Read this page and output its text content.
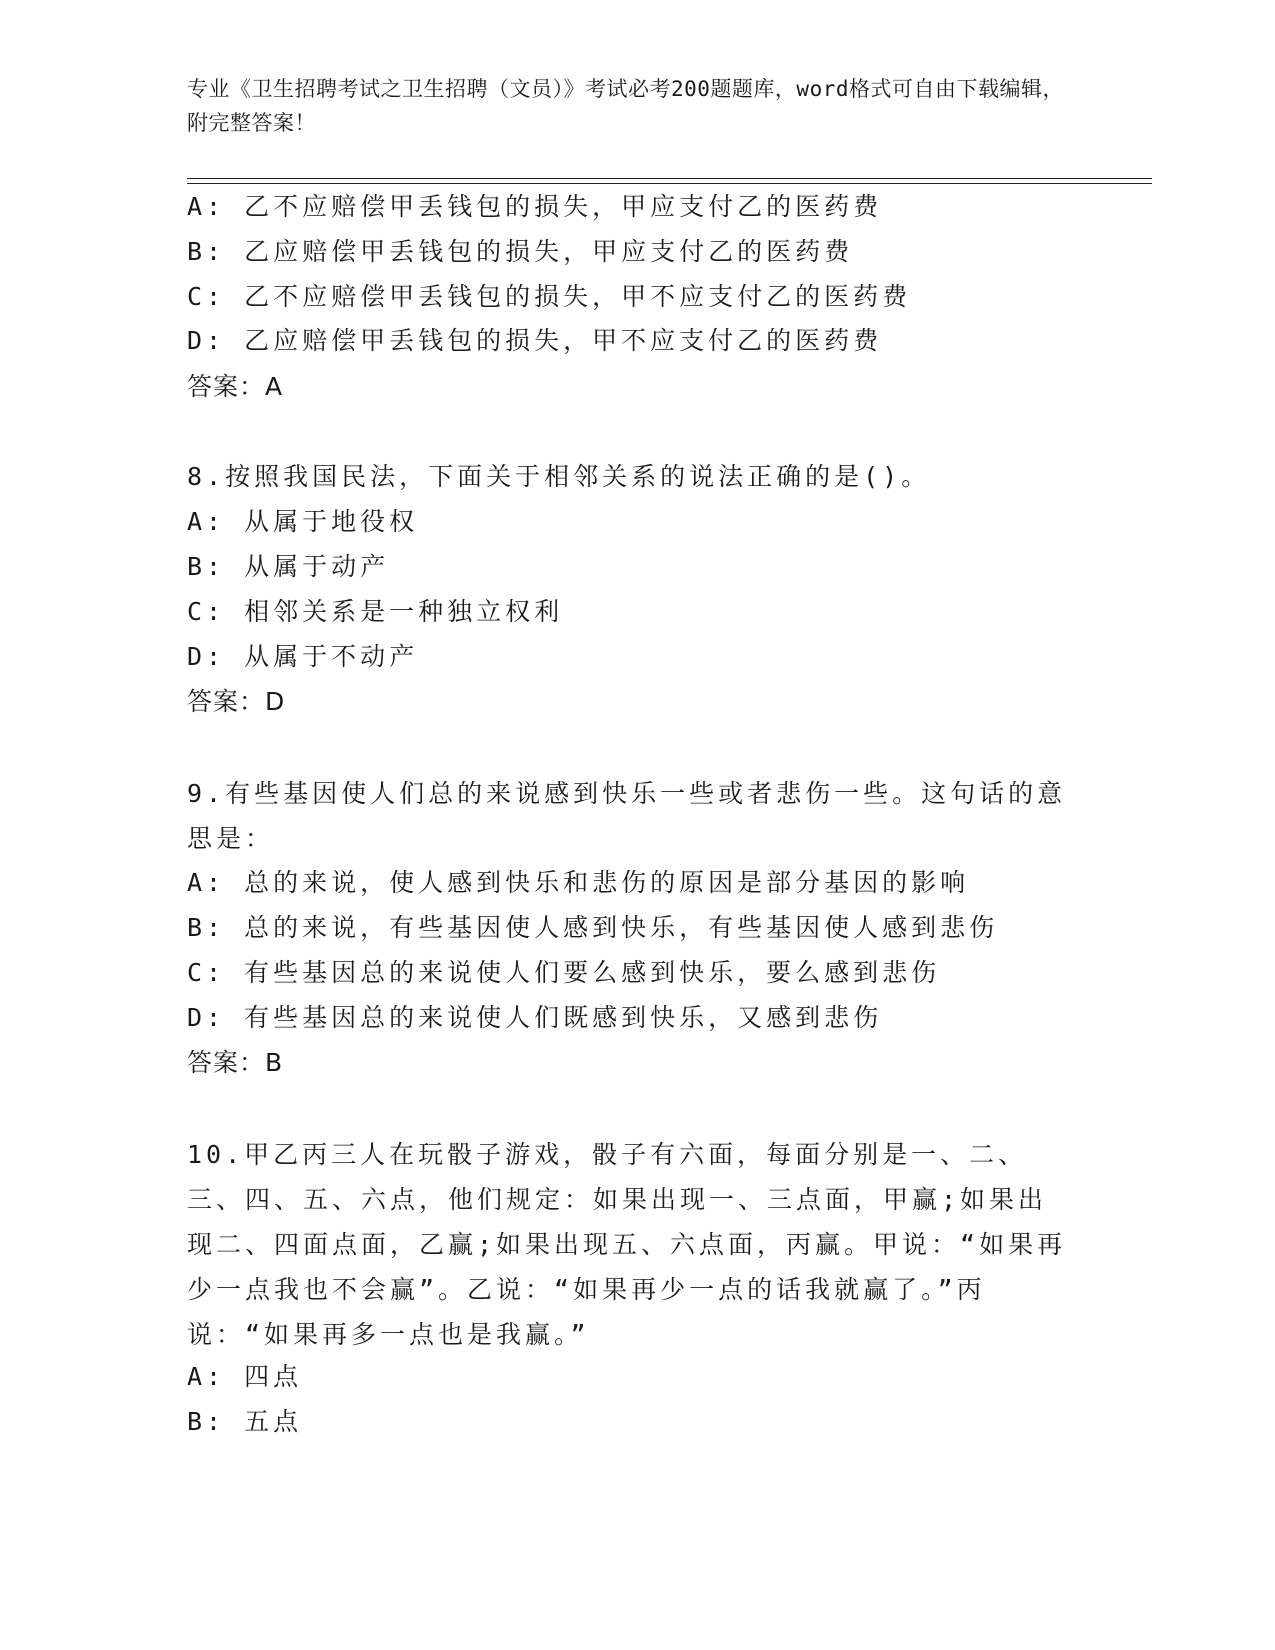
专业《卫生招聘考试之卫生招聘（文员）》考试必考200题题库，word格式可自由下载编辑，附完整答案！
A: 乙不应赔偿甲丢钱包的损失，甲应支付乙的医药费
B: 乙应赔偿甲丢钱包的损失，甲应支付乙的医药费
C: 乙不应赔偿甲丢钱包的损失，甲不应支付乙的医药费
D: 乙应赔偿甲丢钱包的损失，甲不应支付乙的医药费
答案：A
8.按照我国民法，下面关于相邻关系的说法正确的是()。
A: 从属于地役权
B: 从属于动产
C: 相邻关系是一种独立权利
D: 从属于不动产
答案：D
9.有些基因使人们总的来说感到快乐一些或者悲伤一些。这句话的意思是：
A: 总的来说，使人感到快乐和悲伤的原因是部分基因的影响
B: 总的来说，有些基因使人感到快乐，有些基因使人感到悲伤
C: 有些基因总的来说使人们要么感到快乐，要么感到悲伤
D: 有些基因总的来说使人们既感到快乐，又感到悲伤
答案：B
10.甲乙丙三人在玩骰子游戏，骰子有六面，每面分别是一、二、三、四、五、六点，他们规定：如果出现一、三点面，甲赢;如果出现二、四面点面，乙赢;如果出现五、六点面，丙赢。甲说：“如果再少一点我也不会赢”。乙说：“如果再少一点的话我就赢了。”丙说：“如果再多一点也是我赢。”
A: 四点
B: 五点
